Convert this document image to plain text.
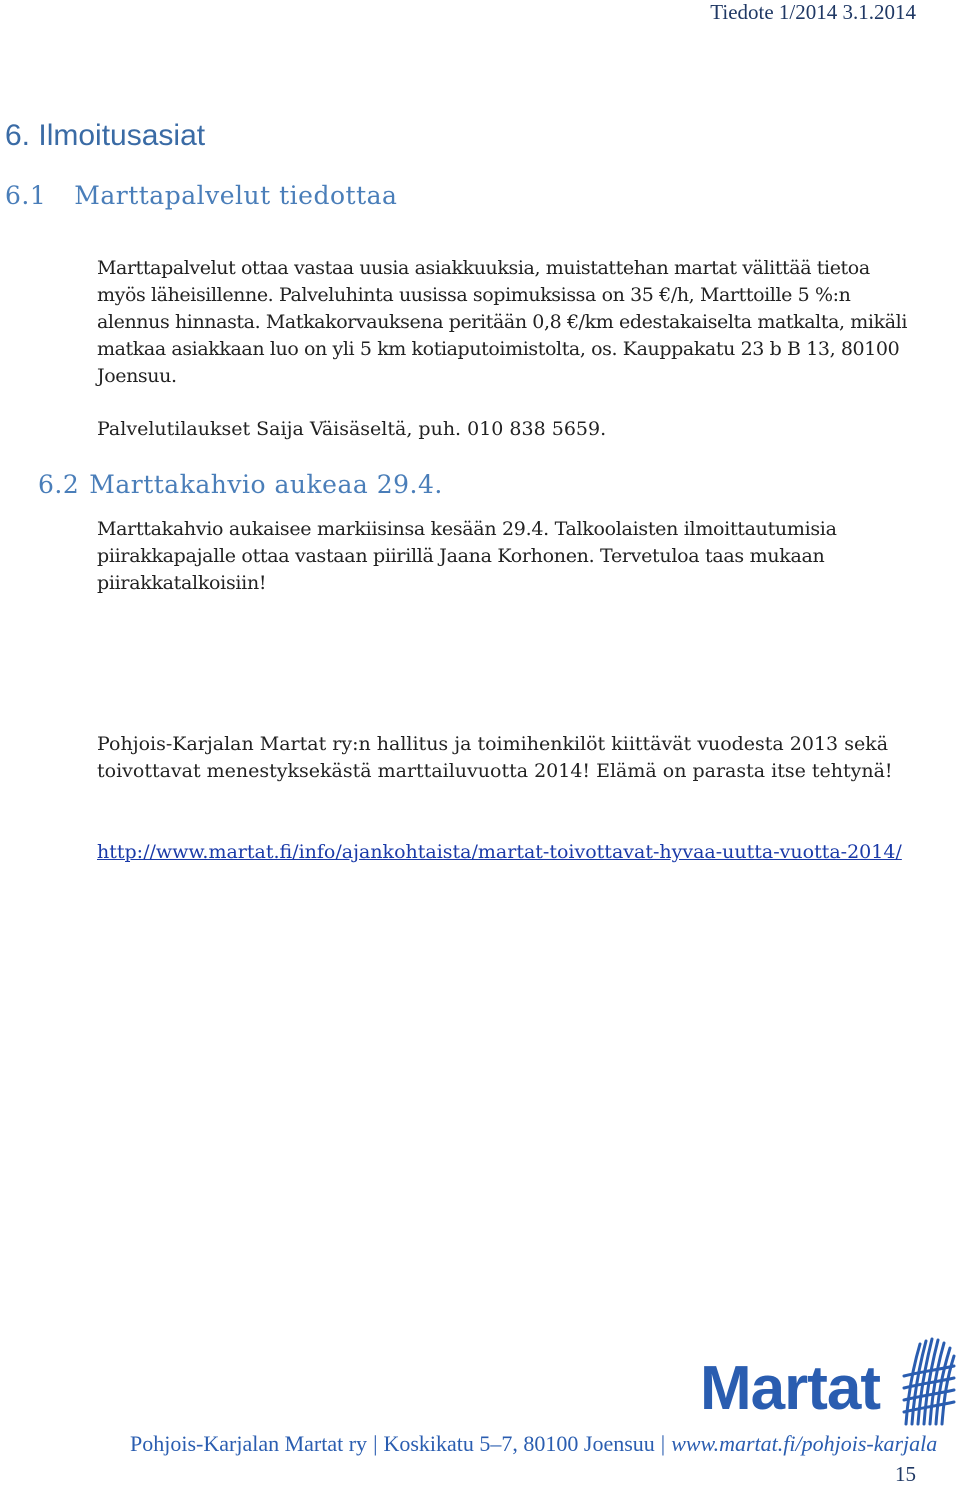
Tiedote 1/2014 3.1.2014
6. Ilmoitusasiat
6.1 Marttapalvelut tiedottaa

Marttapalvelut ottaa vastaa uusia asiakkuuksia, muistattehan martat välittää tietoa myös läheisillenne. Palveluhinta uusissa sopimuksissa on 35 €/h, Marttoille 5 %:n alennus hinnasta. Matkakorvauksena peritään 0,8 €/km edestakaiselta matkalta, mikäli matkaa asiakkaan luo on yli 5 km kotiaputoimistolta, os. Kauppakatu 23 b B 13, 80100 Joensuu.

Palvelutilaukset Saija Väisäseltä, puh. 010 838 5659.

6.2 Marttakahvio aukeaa 29.4.

Marttakahvio aukaisee markiisinsa kesään 29.4. Talkoolaisten ilmoittautumisia piirakkapajalle ottaa vastaan piirillä Jaana Korhonen. Tervetuloa taas mukaan piirakkatalkoisiin!

Pohjois-Karjalan Martat ry:n hallitus ja toimihenkilöt kiittävät vuodesta 2013 sekä toivottavat menestyksekästä marttailuvuotta 2014! Elämä on parasta itse tehtynä!

http://www.martat.fi/info/ajankohtaista/martat-toivottavat-hyvaa-uutta-vuotta-2014/

Martat
Pohjois-Karjalan Martat ry | Koskikatu 5–7, 80100 Joensuu | www.martat.fi/pohjois-karjala
15
